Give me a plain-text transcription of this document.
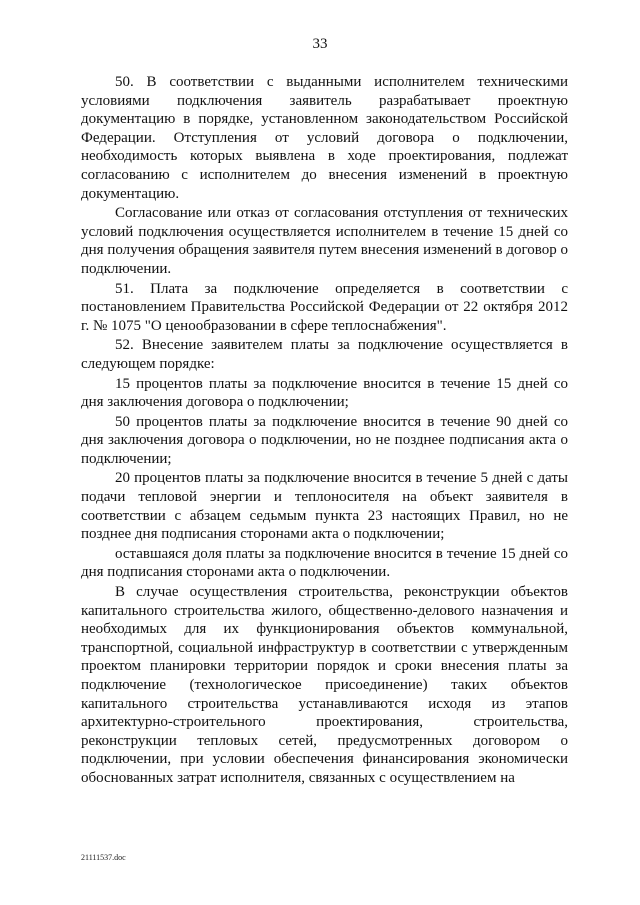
33

50. В соответствии с выданными исполнителем техническими условиями подключения заявитель разрабатывает проектную документацию в порядке, установленном законодательством Российской Федерации. Отступления от условий договора о подключении, необходимость которых выявлена в ходе проектирования, подлежат согласованию с исполнителем до внесения изменений в проектную документацию.

Согласование или отказ от согласования отступления от технических условий подключения осуществляется исполнителем в течение 15 дней со дня получения обращения заявителя путем внесения изменений в договор о подключении.

51. Плата за подключение определяется в соответствии с постановлением Правительства Российской Федерации от 22 октября 2012 г. № 1075 "О ценообразовании в сфере теплоснабжения".

52. Внесение заявителем платы за подключение осуществляется в следующем порядке:

15 процентов платы за подключение вносится в течение 15 дней со дня заключения договора о подключении;

50 процентов платы за подключение вносится в течение 90 дней со дня заключения договора о подключении, но не позднее подписания акта о подключении;

20 процентов платы за подключение вносится в течение 5 дней с даты подачи тепловой энергии и теплоносителя на объект заявителя в соответствии с абзацем седьмым пункта 23 настоящих Правил, но не позднее дня подписания сторонами акта о подключении;

оставшаяся доля платы за подключение вносится в течение 15 дней со дня подписания сторонами акта о подключении.

В случае осуществления строительства, реконструкции объектов капитального строительства жилого, общественно-делового назначения и необходимых для их функционирования объектов коммунальной, транспортной, социальной инфраструктур в соответствии с утвержденным проектом планировки территории порядок и сроки внесения платы за подключение (технологическое присоединение) таких объектов капитального строительства устанавливаются исходя из этапов архитектурно-строительного проектирования, строительства, реконструкции тепловых сетей, предусмотренных договором о подключении, при условии обеспечения финансирования экономически обоснованных затрат исполнителя, связанных с осуществлением на

21111537.doc
